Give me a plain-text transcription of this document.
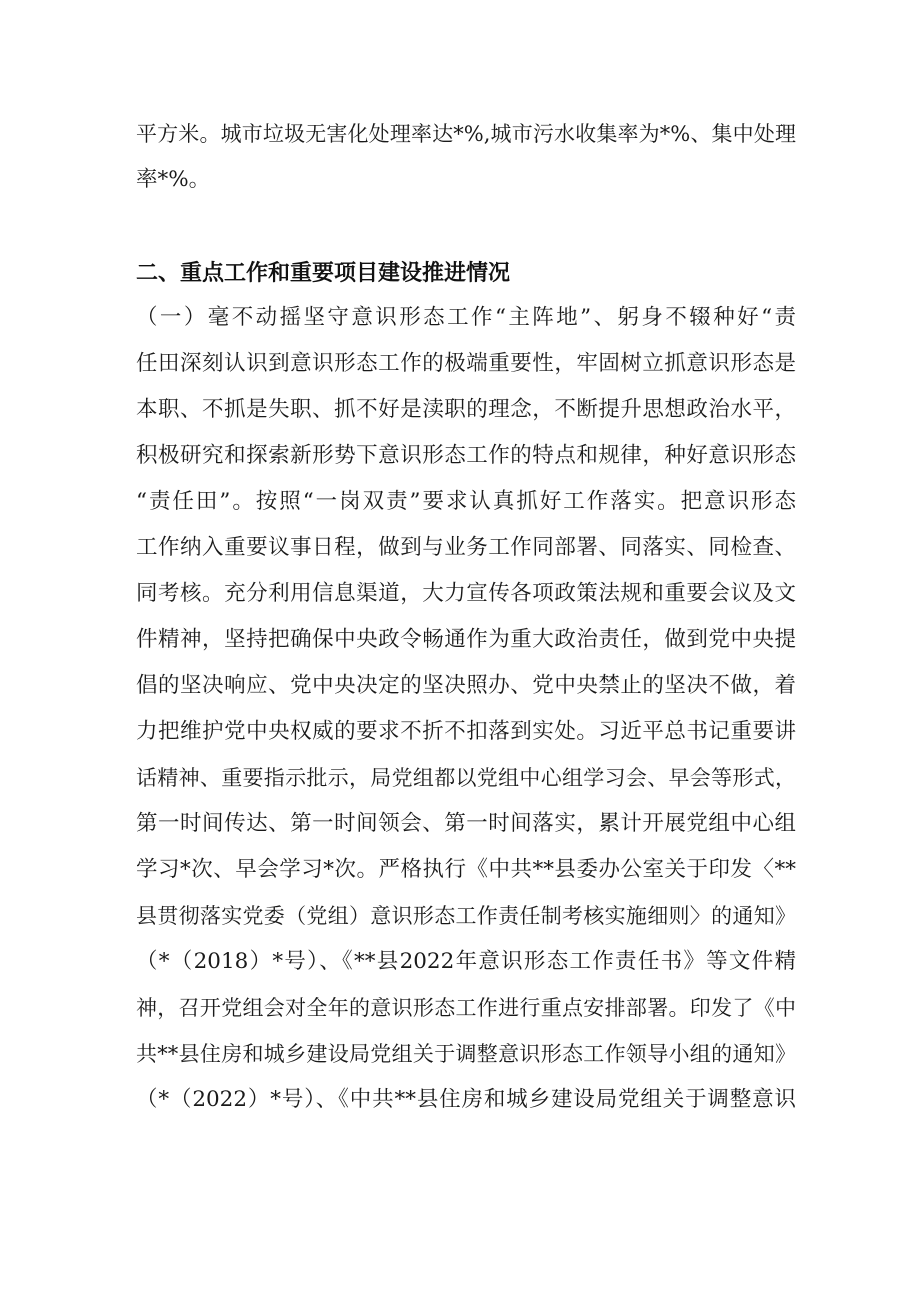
平方米。城市垃圾无害化处理率达*%,城市污水收集率为*%、集中处理
率*%。
二、重点工作和重要项目建设推进情况
（一）毫不动摇坚守意识形态工作“主阵地”、躬身不辍种好“责
任田深刻认识到意识形态工作的极端重要性，牢固树立抓意识形态是
本职、不抓是失职、抓不好是渎职的理念，不断提升思想政治水平，
积极研究和探索新形势下意识形态工作的特点和规律，种好意识形态
“责任田”。按照“一岗双责”要求认真抓好工作落实。把意识形态
工作纳入重要议事日程，做到与业务工作同部署、同落实、同检查、
同考核。充分利用信息渠道，大力宣传各项政策法规和重要会议及文
件精神，坚持把确保中央政令畅通作为重大政治责任，做到党中央提
倡的坚决响应、党中央决定的坚决照办、党中央禁止的坚决不做，着
力把维护党中央权威的要求不折不扣落到实处。习近平总书记重要讲
话精神、重要指示批示，局党组都以党组中心组学习会、早会等形式，
第一时间传达、第一时间领会、第一时间落实，累计开展党组中心组
学习*次、早会学习*次。严格执行《中共**县委办公室关于印发〈**
县贯彻落实党委（党组）意识形态工作责任制考核实施细则〉的通知》
（*（2018）*号）、《**县2022年意识形态工作责任书》等文件精
神，召开党组会对全年的意识形态工作进行重点安排部署。印发了《中
共**县住房和城乡建设局党组关于调整意识形态工作领导小组的通知》
（*（2022）*号）、《中共**县住房和城乡建设局党组关于调整意识
